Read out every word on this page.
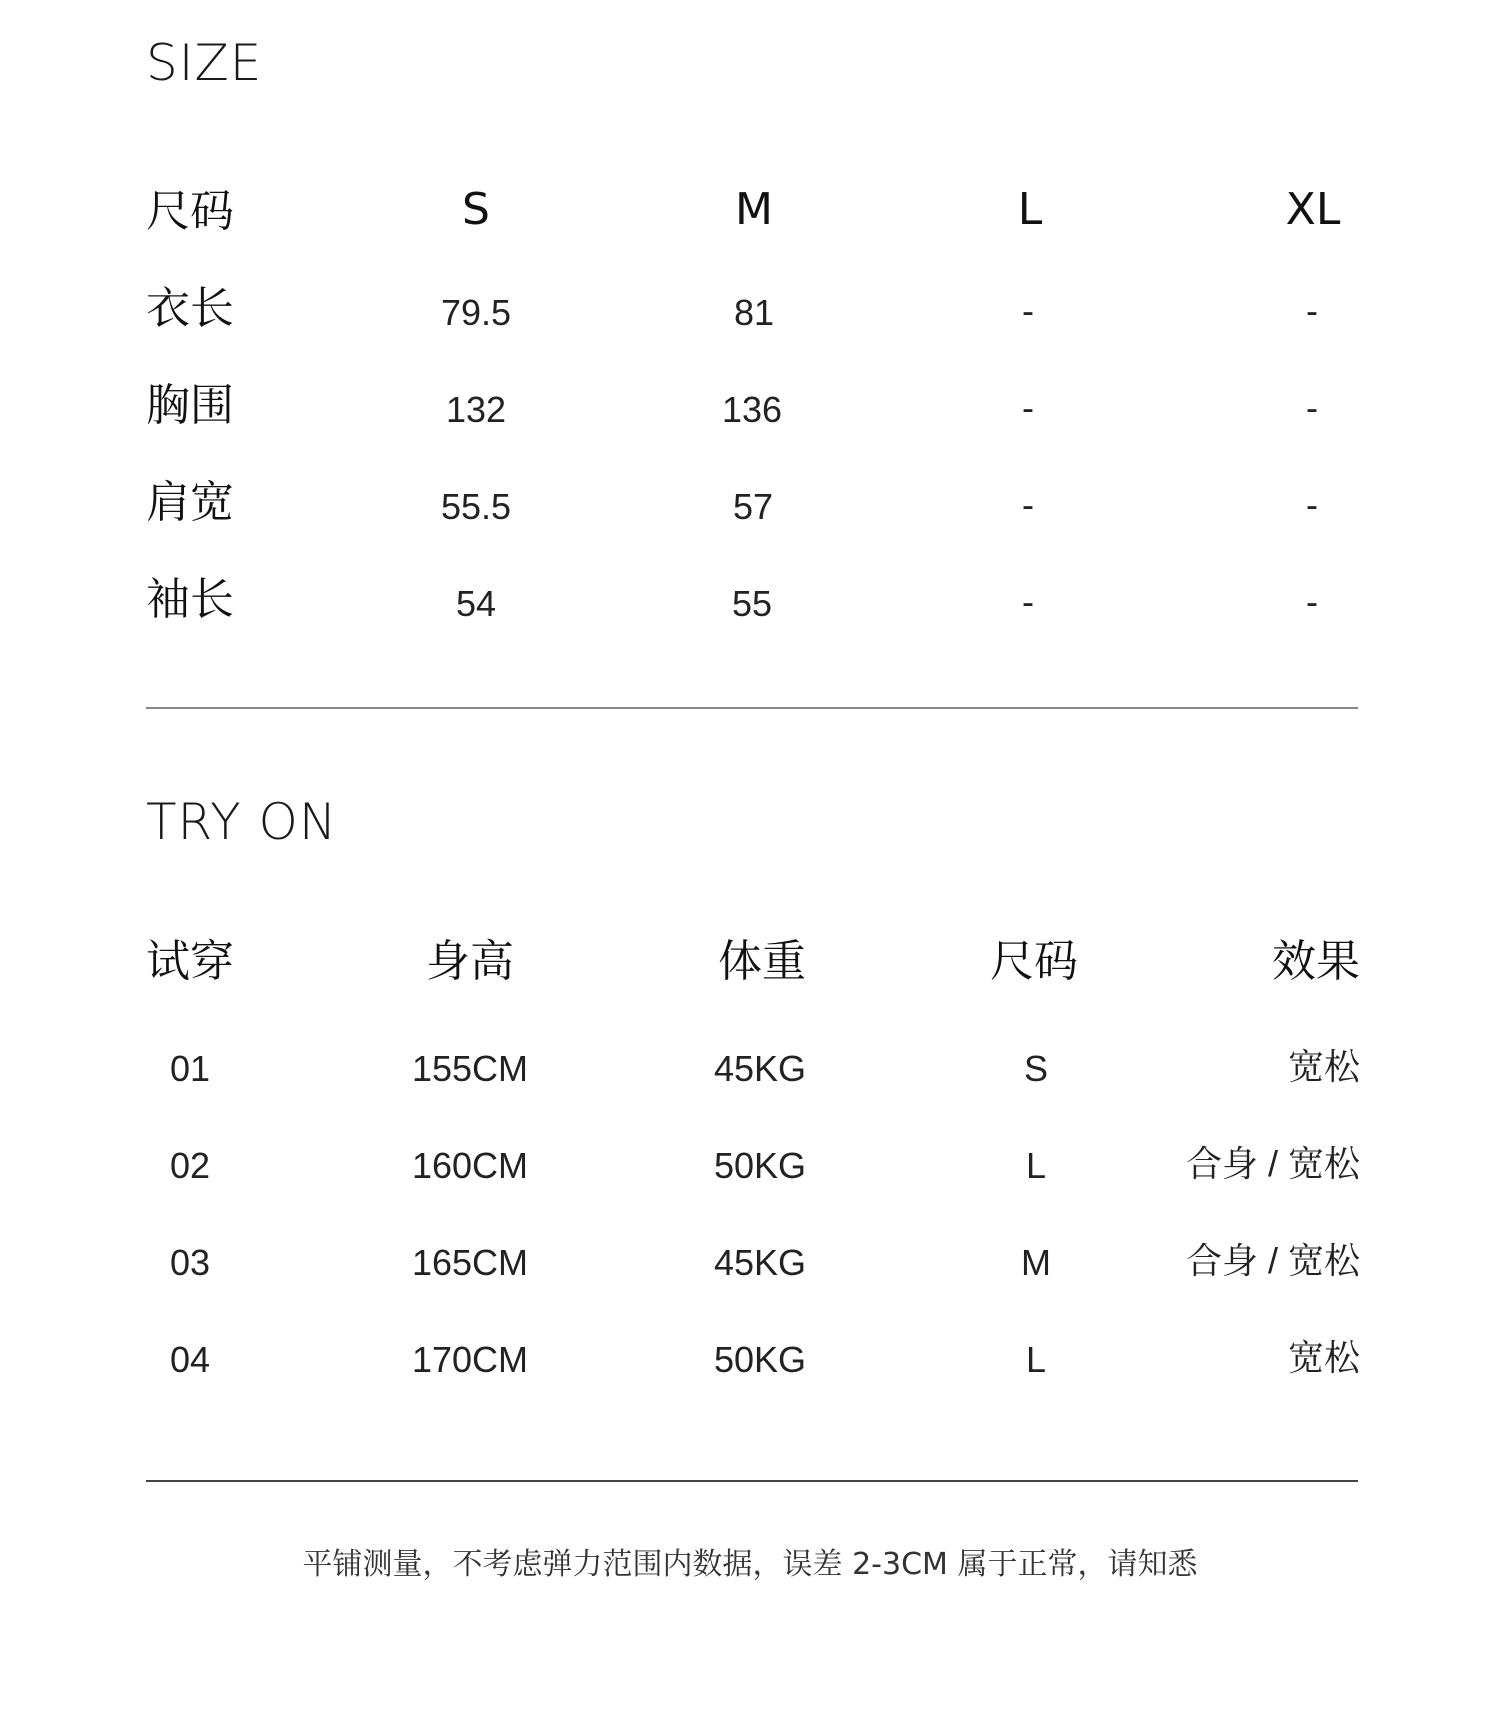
SIZE
尺码	S	M	L	XL
衣长	79.5	81	-	-
胸围	132	136	-	-
肩宽	55.5	57	-	-
袖长	54	55	-	-
TRY ON
试穿	身高	体重	尺码	效果
01	155CM	45KG	S	宽松
02	160CM	50KG	L	合身 / 宽松
03	165CM	45KG	M	合身 / 宽松
04	170CM	50KG	L	宽松
平铺测量，不考虑弹力范围内数据，误差 2-3CM 属于正常，请知悉
